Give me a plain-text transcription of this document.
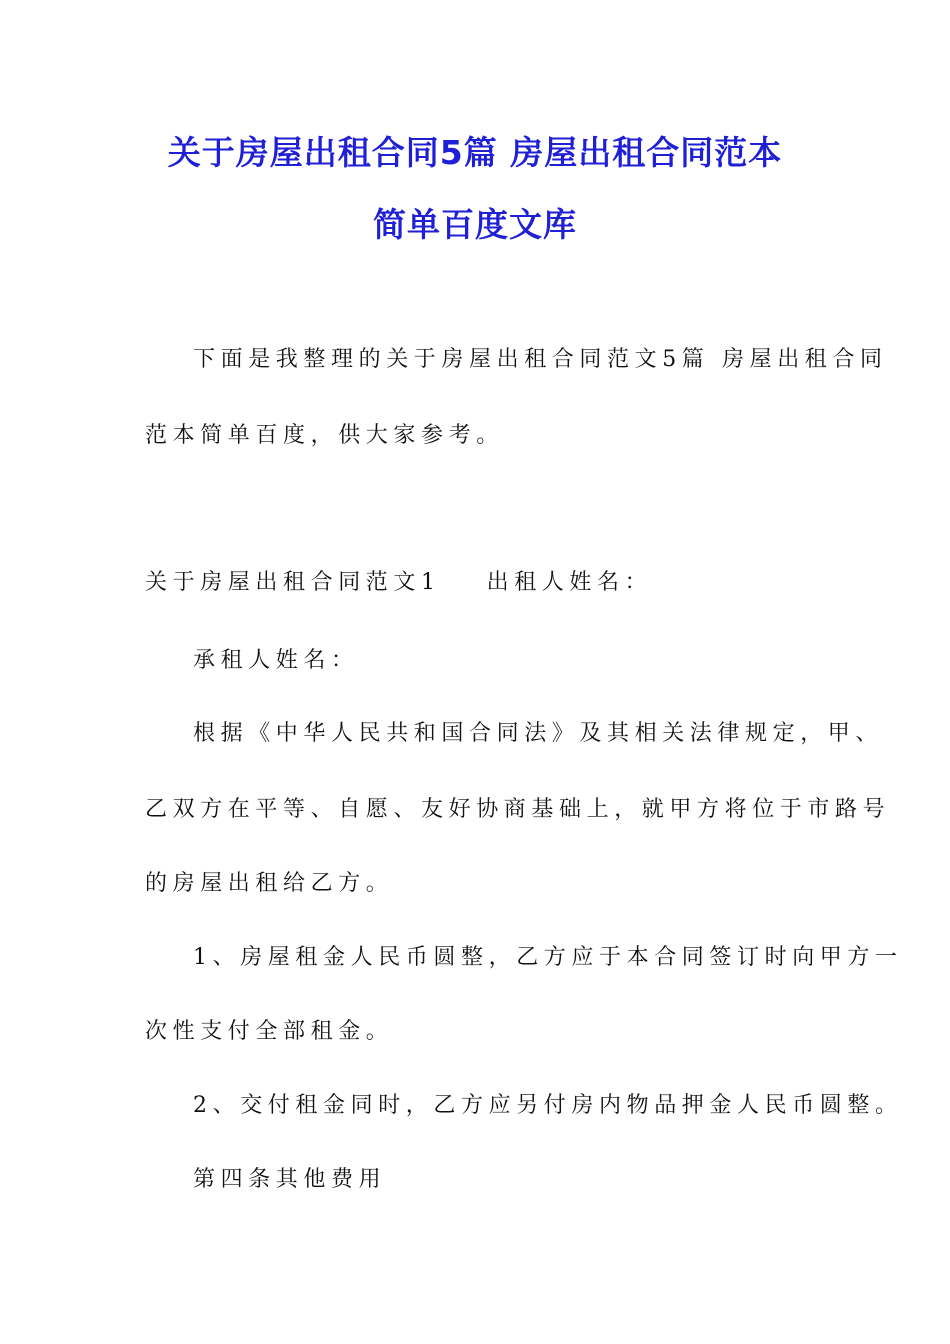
关于房屋出租合同5篇 房屋出租合同范本
简单百度文库
下面是我整理的关于房屋出租合同范文5篇 房屋出租合同
范本简单百度，供大家参考。
关于房屋出租合同范文1 出租人姓名：
承租人姓名：
根据《中华人民共和国合同法》及其相关法律规定，甲、
乙双方在平等、自愿、友好协商基础上，就甲方将位于市路号
的房屋出租给乙方。
1、房屋租金人民币圆整，乙方应于本合同签订时向甲方一
次性支付全部租金。
2、交付租金同时，乙方应另付房内物品押金人民币圆整。
第四条其他费用
